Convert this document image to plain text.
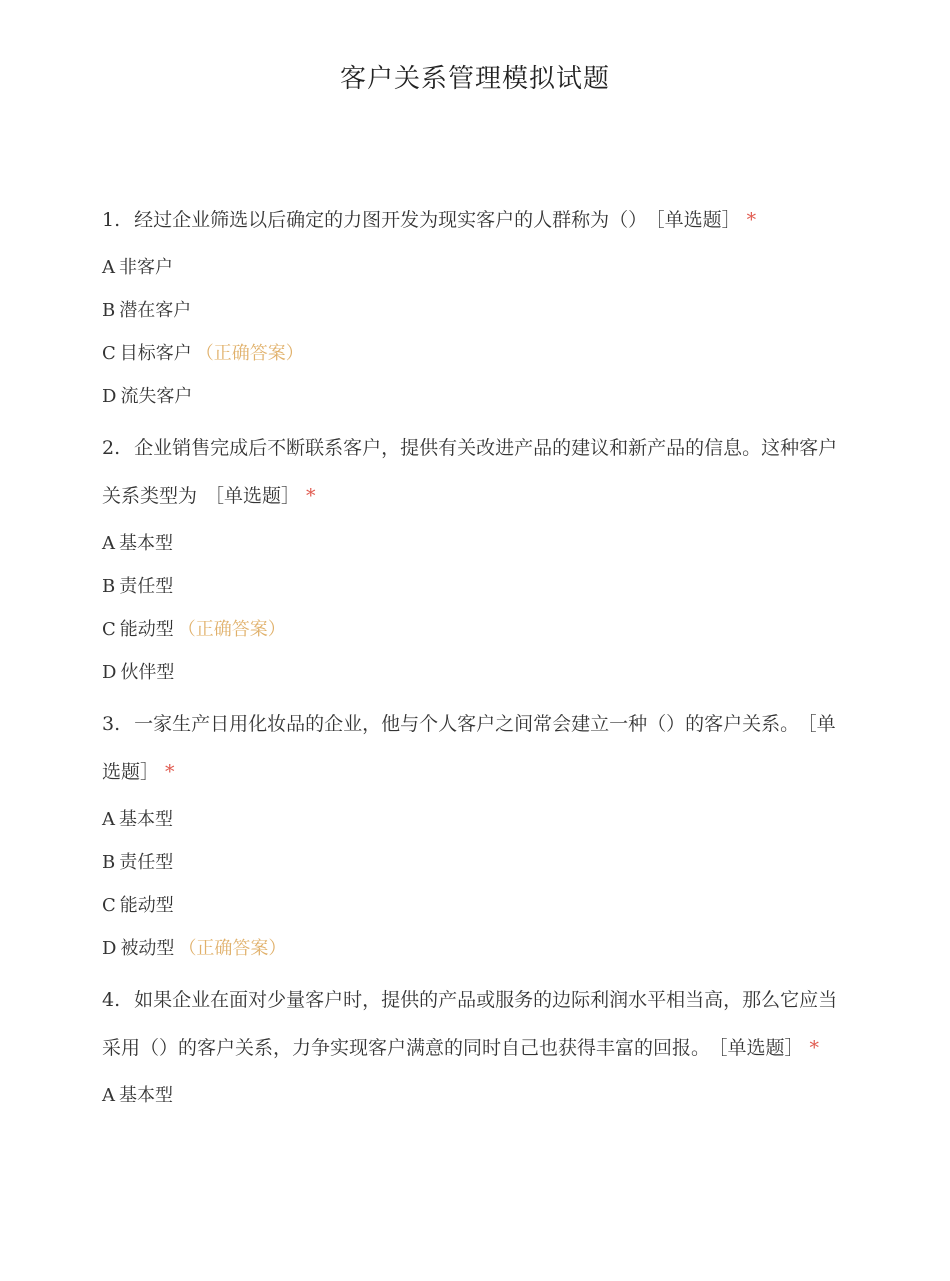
客户关系管理模拟试题
1. 经过企业筛选以后确定的力图开发为现实客户的人群称为（） ［单选题］ *
A 非客户
B 潜在客户
C 目标客户 （正确答案）
D 流失客户
2. 企业销售完成后不断联系客户，提供有关改进产品的建议和新产品的信息。这种客户关系类型为 ［单选题］ *
A 基本型
B 责任型
C 能动型 （正确答案）
D 伙伴型
3. 一家生产日用化妆品的企业，他与个人客户之间常会建立一种（）的客户关系。 ［单选题］ *
A 基本型
B 责任型
C 能动型
D 被动型 （正确答案）
4. 如果企业在面对少量客户时，提供的产品或服务的边际利润水平相当高，那么它应当采用（）的客户关系，力争实现客户满意的同时自己也获得丰富的回报。 ［单选题］ *
A 基本型
